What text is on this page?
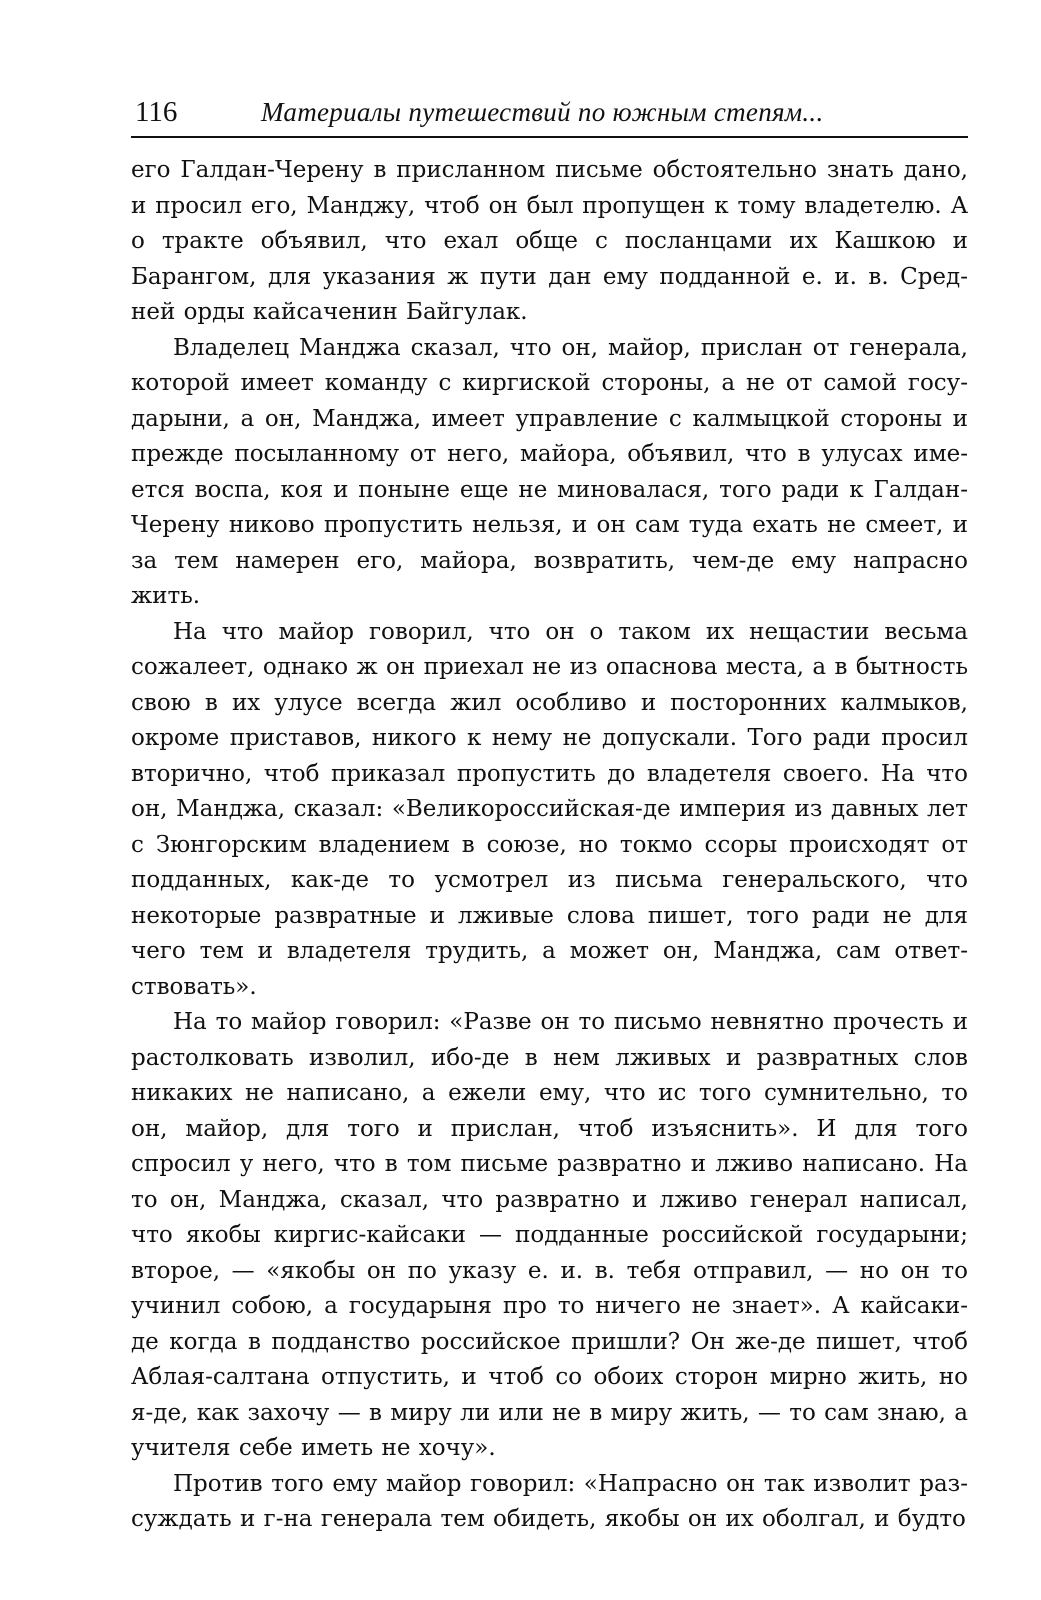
116	Материалы путешествий по южным степям...

его Галдан-Черену в присланном письме обстоятельно знать дано, и просил его, Манджу, чтоб он был пропущен к тому владетелю. А о тракте объявил, что ехал обще с посланцами их Кашкою и Барангом, для указания ж пути дан ему подданной е. и. в. Средней орды кайсаченин Байгулак.

Владелец Манджа сказал, что он, майор, прислан от генерала, которой имеет команду с киргиской стороны, а не от самой государыни, а он, Манджа, имеет управление с калмыцкой стороны и прежде посыланному от него, майора, объявил, что в улусах имеется воспа, коя и поныне еще не миновалася, того ради к Галдан-Черену никово пропустить нельзя, и он сам туда ехать не смеет, и за тем намерен его, майора, возвратить, чем-де ему напрасно жить.

На что майор говорил, что он о таком их нещастии весьма сожалеет, однако ж он приехал не из опаснова места, а в бытность свою в их улусе всегда жил особливо и посторонних калмыков, окроме приставов, никого к нему не допускали. Того ради просил вторично, чтоб приказал пропустить до владетеля своего. На что он, Манджа, сказал: «Великороссийская-де империя из давных лет с Зюнгорским владением в союзе, но токмо ссоры происходят от подданных, как-де то усмотрел из письма генеральского, что некоторые развратные и лживые слова пишет, того ради не для чего тем и владетеля трудить, а может он, Манджа, сам ответствовать».

На то майор говорил: «Разве он то письмо невнятно прочесть и растолковать изволил, ибо-де в нем лживых и развратных слов никаких не написано, а ежели ему, что ис того сумнительно, то он, майор, для того и прислан, чтоб изъяснить». И для того спросил у него, что в том письме развратно и лживо написано. На то он, Манджа, сказал, что развратно и лживо генерал написал, что якобы киргис-кайсаки — подданные российской государыни; второе, — «якобы он по указу е. и. в. тебя отправил, — но он то учинил собою, а государыня про то ничего не знает». А кайсаки-де когда в подданство российское пришли? Он же-де пишет, чтоб Аблая-салтана отпустить, и чтоб со обоих сторон мирно жить, но я-де, как захочу — в миру ли или не в миру жить, — то сам знаю, а учителя себе иметь не хочу».

Против того ему майор говорил: «Напрасно он так изволит разсуждать и г-на генерала тем обидеть, якобы он их оболгал, и будто
